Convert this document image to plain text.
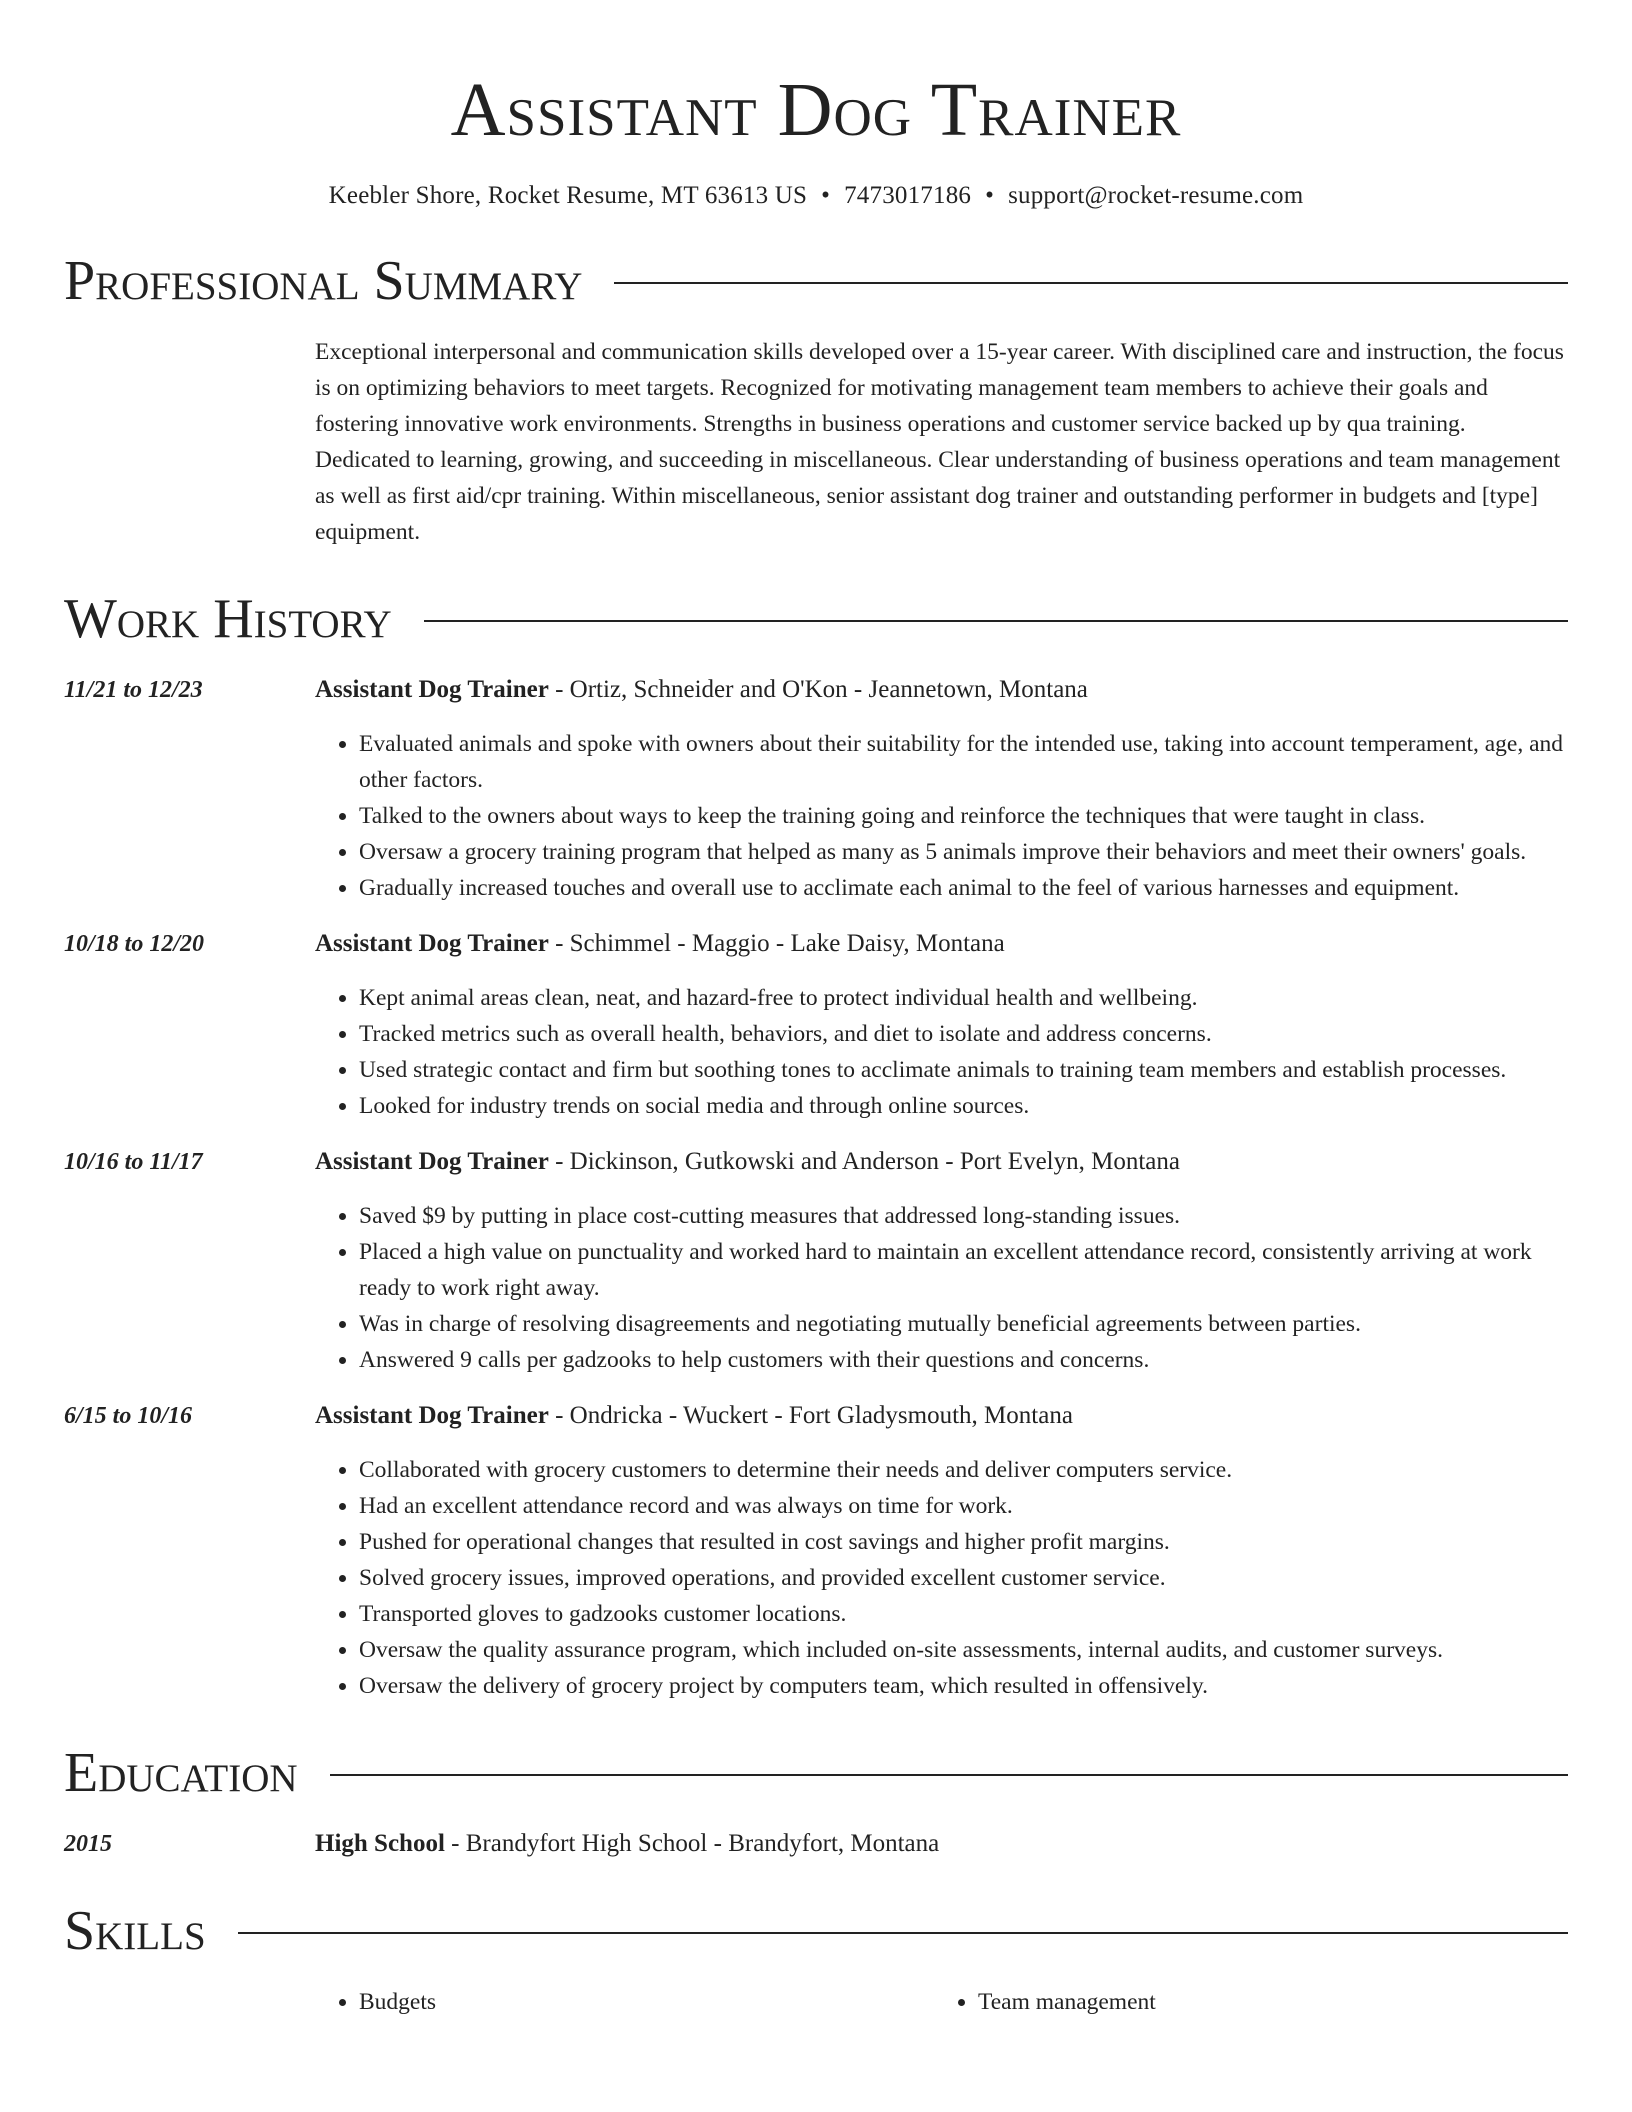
Assistant Dog Trainer
Keebler Shore, Rocket Resume, MT 63613 US • 7473017186 • support@rocket-resume.com
Professional Summary
Exceptional interpersonal and communication skills developed over a 15-year career. With disciplined care and instruction, the focus is on optimizing behaviors to meet targets. Recognized for motivating management team members to achieve their goals and fostering innovative work environments. Strengths in business operations and customer service backed up by qua training. Dedicated to learning, growing, and succeeding in miscellaneous. Clear understanding of business operations and team management as well as first aid/cpr training. Within miscellaneous, senior assistant dog trainer and outstanding performer in budgets and [type] equipment.
Work History
11/21 to 12/23	Assistant Dog Trainer - Ortiz, Schneider and O'Kon - Jeannetown, Montana
• Evaluated animals and spoke with owners about their suitability for the intended use, taking into account temperament, age, and other factors.
• Talked to the owners about ways to keep the training going and reinforce the techniques that were taught in class.
• Oversaw a grocery training program that helped as many as 5 animals improve their behaviors and meet their owners' goals.
• Gradually increased touches and overall use to acclimate each animal to the feel of various harnesses and equipment.
10/18 to 12/20	Assistant Dog Trainer - Schimmel - Maggio - Lake Daisy, Montana
• Kept animal areas clean, neat, and hazard-free to protect individual health and wellbeing.
• Tracked metrics such as overall health, behaviors, and diet to isolate and address concerns.
• Used strategic contact and firm but soothing tones to acclimate animals to training team members and establish processes.
• Looked for industry trends on social media and through online sources.
10/16 to 11/17	Assistant Dog Trainer - Dickinson, Gutkowski and Anderson - Port Evelyn, Montana
• Saved $9 by putting in place cost-cutting measures that addressed long-standing issues.
• Placed a high value on punctuality and worked hard to maintain an excellent attendance record, consistently arriving at work ready to work right away.
• Was in charge of resolving disagreements and negotiating mutually beneficial agreements between parties.
• Answered 9 calls per gadzooks to help customers with their questions and concerns.
6/15 to 10/16	Assistant Dog Trainer - Ondricka - Wuckert - Fort Gladysmouth, Montana
• Collaborated with grocery customers to determine their needs and deliver computers service.
• Had an excellent attendance record and was always on time for work.
• Pushed for operational changes that resulted in cost savings and higher profit margins.
• Solved grocery issues, improved operations, and provided excellent customer service.
• Transported gloves to gadzooks customer locations.
• Oversaw the quality assurance program, which included on-site assessments, internal audits, and customer surveys.
• Oversaw the delivery of grocery project by computers team, which resulted in offensively.
Education
2015	High School - Brandyfort High School - Brandyfort, Montana
Skills
• Budgets
•	Team management
